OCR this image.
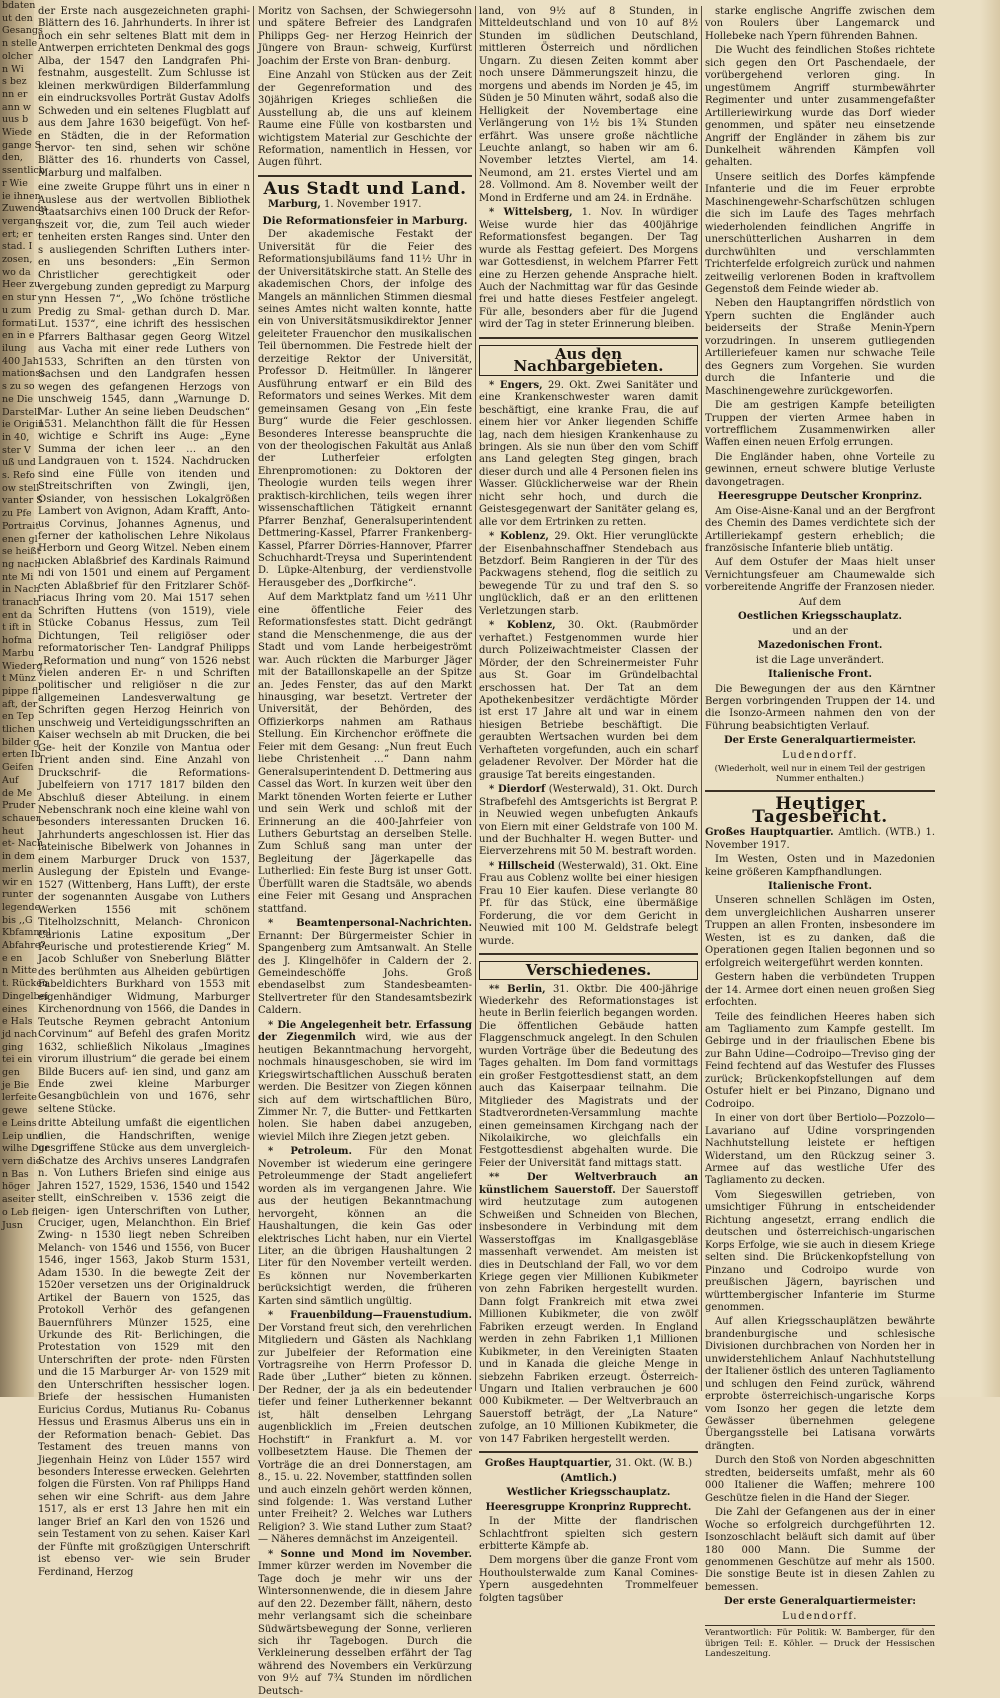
bdaten
ut den
Gesangs
n stelle
olcher
n Wi
s bez
nn er
ann w
uus b
Wiede
gange S
den,
ssentlich
r Wie
ie ihnen
Zuwendu
vergang
ert; er
stad. I
zosen,
wo da
Heer zu
en stur
u zum
formati
en in e
ilung
400 Jah
mationss
s zu so
ne Die
Darstell
ie Origin
in 40,
ster V
uß und
s. Refo
ow stell
vanter S
zu Pfe
Portrait
enen gl
se heißt
ng nach
nte Mi
in Nach
tranach
ent da
t ift in
hofma
Marbu
Wiederg
t Münz
pippe fl
aft, der
en Tep
tlichen
bilder g
erten Ib
Geifen
Auf
de Me
Pruder
schauer
heut
et- Nach
in dem
merlin
wir en
runter
legende
bis ,,G
Kbfammel
Abfahre?
e en
n Mitte
t. Rücken
Dingelbei
eines
e Hals
jd nach
ging
tei ein
gen
je Bie
lerfeite
gewe
e Leins
Leip und
wilhe Dur
vern die
n Bas
höger
aseiter
o Leb fl
Jusn

der Erste nach ausgezeichneten graphi- Blättern des 16. Jahrhunderts. In ihrer ist noch ein sehr seltenes Blatt mit dem in Antwerpen errichteten Denkmal des gogs Alba, der 1547 den Landgrafen Phi- festnahm, ausgestellt. Zum Schlusse ist kleinen merkwürdigen Bilderfammlung ein eindrucksvolles Porträt Gustav Adolfs Schweden und ein seltenes Flugblatt auf aus dem Jahre 1630 beigefügt. Von hef- en Städten, die in der Reformation hervor- ten sind, sehen wir schöne Blätter des 16. rhunderts von Cassel, Marburg und malfalben.

eine zweite Gruppe führt uns in einer n Auslese aus der wertvollen Bibliothek Staatsarchivs einen 100 Druck der Refor- nszeit vor, die, zum Teil auch wieder tenheiten ersten Ranges sind. Unter den s ausliegenden Schriften Luthers inter- en uns besonders: „Ein Sermon Christlicher gerechtigkeit oder vergebung zunden gepredigt zu Marpurg ynn Hessen 7“, „Wo ſchöne tröstliche Predig zu Smal- gethan durch D. Mar. Lut. 1537“, eine ichrift des hessischen Pfarrers Balthasar gegen Georg Witzel aus Vacha mit einer rede Luthers von 1533, Schriften an den türsten von Sachsen und den Landgrafen hessen wegen des gefangenen Herzogs von unschweig 1545, dann „Warnunge D. Mar- Luther An seine lieben Deudschen“ 1531. Melanchthon fällt die für Hessen wichtige e Schrift ins Auge: „Eyne Summa der ichen leer … an den Landgrauen von t. 1524. Nachdrucken sind eine Fülle von itenden und Streitschriften von Zwingli, ijen, Osiander, von hessischen Lokalgrößen Lambert von Avignon, Adam Krafft, Anto- us Corvinus, Johannes Agnenus, und ferner der katholischen Lehre Nikolaus Herborn und Georg Witzel. Neben einem ucken Ablaßbrief des Kardinals Raimund ndi von 1501 und einem auf Pergament cten Ablaßbrief für den Fritzlarer Schöf- riacus Ihring vom 20. Mai 1517 sehen Schriften Huttens (von 1519), viele Stücke Cobanus Hessus, zum Teil Dichtungen, Teil religiöser oder reformatorischer Ten- Landgraf Philipps „Reformation und nung“ von 1526 nebst vielen anderen Er- n und Schriften politischer und religiöser n die zur allgemeinen Landesverwaltung ge Schriften gegen Herzog Heinrich von unschweig und Verteidigungsschriften an Kaiser wechseln ab mit Drucken, die bei Ge- heit der Konzile von Mantua oder Trient anden sind. Eine Anzahl von Druckschrif- die Reformations-Jubelfeiern von 1717 1817 bilden den Abschluß dieser Abteilung. in einem Nebenschrank noch eine kleine wahl von besonders interessanten Drucken 16. Jahrhunderts angeschlossen ist. Hier das lateinische Bibelwerk von Johannes in einem Marburger Druck von 1537, Auslegung der Episteln und Evange- 1527 (Wittenberg, Hans Lufft), der erste der sogenannten Ausgabe von Luthers Werken 1556 mit schönem Titelholzschnitt, Melanch- Chronicon Carionis Latine expositum „Der Peurische und protestierende Krieg“ M. Jacob Schlußer von Sneberlung Blätter des berühmten aus Alheiden gebürtigen Fabeldichters Burkhard von 1553 mit eigenhändiger Widmung, Marburger Kirchenordnung von 1566, die Dandes in Teutsche Reymen gebracht Antonium Corvinum“ auf Befehl des grafen Moritz 1632, schließlich Nikolaus „Imagines virorum illustrium“ die gerade bei einem Bilde Bucers auf- ien sind, und ganz am Ende zwei kleine Marburger Gesangbüchlein von und 1676, sehr seltene Stücke.

dritte Abteilung umfaßt die eigentlichen alien, die Handschriften, wenige gesgriffene Stücke aus dem unvergleich- Schatze des Archivs unseres Landgrafen n. Von Luthers Briefen sind einige aus Jahren 1527, 1529, 1536, 1540 und 1542 stellt, einSchreiben v. 1536 zeigt die eigen- igen Unterschriften von Luther, Cruciger, ugen, Melanchthon. Ein Brief Zwing- n 1530 liegt neben Schreiben Melanch- von 1546 und 1556, von Bucer 1546, inger 1563, Jakob Sturm 1531, Adam 1530. In die bewegte Zeit der 1520er versetzen uns der Originaldruck Artikel der Bauern von 1525, das Protokoll Verhör des gefangenen Bauernführers Münzer 1525, eine Urkunde des Rit- Berlichingen, die Protestation von 1529 mit den Unterschriften der prote- nden Fürsten und die 15 Marburger Ar- von 1529 mit den Unterschriften hessischer logen. Briefe der hessischen Humanisten Euricius Cordus, Mutianus Ru- Cobanus Hessus und Erasmus Alberus uns ein in der Reformation benach- Gebiet. Das Testament des treuen manns von Jiegenhain Heinz von Lüder 1557 wird besonders Interesse erwecken. Gelehrten folgen die Fürsten. Von raf Philipps Hand sehen wir eine Schrift- aus dem Jahre 1517, als er erst 13 Jahre hen mit ein langer Brief an Karl den von 1526 und sein Testament von zu sehen. Kaiser Karl der Fünfte mit großzügigen Unterschrift ist ebenso ver- wie sein Bruder Ferdinand, Herzog

Moritz von Sachsen, der Schwiegersohn und spätere Befreier des Landgrafen Philipps Geg- ner Herzog Heinrich der Jüngere von Braun- schweig, Kurfürst Joachim der Erste von Bran- denburg.

Eine Anzahl von Stücken aus der Zeit der Gegenreformation und des 30jährigen Krieges schließen die Ausstellung ab, die uns auf kleinem Raume eine Fülle von kostbarsten und wichtigstem Material zur Geschichte der Reformation, namentlich in Hessen, vor Augen führt.

Aus Stadt und Land.

Marburg, 1. November 1917.

Die Reformationsfeier in Marburg.

Der akademische Festakt der Universität für die Feier des Reformationsjubiläums fand 11½ Uhr in der Universitätskirche statt. An Stelle des akademischen Chors, der infolge des Mangels an männlichen Stimmen diesmal seines Amtes nicht walten konnte, hatte ein von Universitätsmusikdirektor Jenner geleiteter Frauenchor den musikalischen Teil übernommen. Die Festrede hielt der derzeitige Rektor der Universität, Professor D. Heitmüller. In längerer Ausführung entwarf er ein Bild des Reformators und seines Werkes. Mit dem gemeinsamen Gesang von „Ein feste Burg“ wurde die Feier geschlossen. Besonderes Interesse beanspruchte die von der theologischen Fakultät aus Anlaß der Lutherfeier erfolgten Ehrenpromotionen: zu Doktoren der Theologie wurden teils wegen ihrer praktisch-kirchlichen, teils wegen ihrer wissenschaftlichen Tätigkeit ernannt Pfarrer Benzhaf, Generalsuperintendent Dettmering-Kassel, Pfarrer Frankenberg-Kassel, Pfarrer Dörries-Hannover, Pfarrer Schuchhardt-Treysa und Superintendent D. Lüpke-Altenburg, der verdienstvolle Herausgeber des „Dorfkirche“.

Auf dem Marktplatz fand um ½11 Uhr eine öffentliche Feier des Reformationsfestes statt. Dicht gedrängt stand die Menschenmenge, die aus der Stadt und vom Lande herbeigeströmt war. Auch rückten die Marburger Jäger mit der Bataillonskapelle an der Spitze an. Jedes Fenster, das auf den Markt hinausging, war besetzt. Vertreter der Universität, der Behörden, des Offizierkorps nahmen am Rathaus Stellung. Ein Kirchenchor eröffnete die Feier mit dem Gesang: „Nun freut Euch liebe Christenheit …“ Dann nahm Generalsuperintendent D. Dettmering aus Cassel das Wort. In kurzen weit über den Markt tönenden Worten feierte er Luther und sein Werk und schloß mit der Erinnerung an die 400-Jahrfeier von Luthers Geburtstag an derselben Stelle. Zum Schluß sang man unter der Begleitung der Jägerkapelle das Lutherlied: Ein feste Burg ist unser Gott. Überfüllt waren die Stadtsäle, wo abends eine Feier mit Gesang und Ansprachen stattfand.

* Beamtenpersonal-Nachrichten. Ernannt: Der Bürgermeister Schier in Spangenberg zum Amtsanwalt. An Stelle des J. Klingelhöfer in Caldern der 2. Gemeindeschöffe Johs. Groß ebendaselbst zum Standesbeamten-Stellvertreter für den Standesamtsbezirk Caldern.

* Die Angelegenheit betr. Erfassung der Ziegenmilch wird, wie aus der heutigen Bekanntmachung hervorgeht, nochmals hinausgeschoben, sie wird im Kriegswirtschaftlichen Ausschuß beraten werden. Die Besitzer von Ziegen können sich auf dem wirtschaftlichen Büro, Zimmer Nr. 7, die Butter- und Fettkarten holen. Sie haben dabei anzugeben, wieviel Milch ihre Ziegen jetzt geben.

* Petroleum. Für den Monat November ist wiederum eine geringere Petroleummenge der Stadt angeliefert worden als im vergangenen Jahre. Wie aus der heutigen Bekanntmachung hervorgeht, können an die Haushaltungen, die kein Gas oder elektrisches Licht haben, nur ein Viertel Liter, an die übrigen Haushaltungen 2 Liter für den November verteilt werden. Es können nur Novemberkarten berücksichtigt werden, die früheren Karten sind sämtlich ungültig.

* Frauenbildung—Frauenstudium. Der Vorstand freut sich, den verehrlichen Mitgliedern und Gästen als Nachklang zur Jubelfeier der Reformation eine Vortragsreihe von Herrn Professor D. Rade über „Luther“ bieten zu können. Der Redner, der ja als ein bedeutender tiefer und feiner Lutherkenner bekannt ist, hält denselben Lehrgang augenblicklich im „Freien deutschen Hochstift“ in Frankfurt a. M. vor vollbesetztem Hause. Die Themen der Vorträge die an drei Donnerstagen, am 8., 15. u. 22. November, stattfinden sollen und auch einzeln gehört werden können, sind folgende: 1. Was verstand Luther unter Freiheit? 2. Welches war Luthers Religion? 3. Wie stand Luther zum Staat? — Näheres demnächst im Anzeigenteil.

* Sonne und Mond im November. Immer kürzer werden im November die Tage doch je mehr wir uns der Wintersonnenwende, die in diesem Jahre auf den 22. Dezember fällt, nähern, desto mehr verlangsamt sich die scheinbare Südwärtsbewegung der Sonne, verlieren sich ihr Tagebogen. Durch die Verkleinerung desselben erfährt der Tag während des Novembers ein Verkürzung von 9½ auf 7¾ Stunden im nördlichen Deutsch-

land, von 9½ auf 8 Stunden, in Mitteldeutschland und von 10 auf 8½ Stunden im südlichen Deutschland, mittleren Österreich und nördlichen Ungarn. Zu diesen Zeiten kommt aber noch unsere Dämmerungszeit hinzu, die morgens und abends im Norden je 45, im Süden je 50 Minuten währt, sodaß also die Helligkeit der Novembertage eine Verlängerung von 1½ bis 1¾ Stunden erfährt. Was unsere große nächtliche Leuchte anlangt, so haben wir am 6. November letztes Viertel, am 14. Neumond, am 21. erstes Viertel und am 28. Vollmond. Am 8. November weilt der Mond in Erdferne und am 24. in Erdnähe.

* Wittelsberg, 1. Nov. In würdiger Weise wurde hier das 400jährige Reformationsfest begangen. Der Tag wurde als Festtag gefeiert. Des Morgens war Gottesdienst, in welchem Pfarrer Fett eine zu Herzen gehende Ansprache hielt. Auch der Nachmittag war für das Gesinde frei und hatte dieses Festfeier angelegt. Für alle, besonders aber für die Jugend wird der Tag in steter Erinnerung bleiben.

Aus den Nachbargebieten.

* Engers, 29. Okt. Zwei Sanitäter und eine Krankenschwester waren damit beschäftigt, eine kranke Frau, die auf einem hier vor Anker liegenden Schiffe lag, nach dem hiesigen Krankenhause zu bringen. Als sie nun über den vom Schiff ans Land gelegten Steg gingen, brach dieser durch und alle 4 Personen fielen ins Wasser. Glücklicherweise war der Rhein nicht sehr hoch, und durch die Geistesgegenwart der Sanitäter gelang es, alle vor dem Ertrinken zu retten.

* Koblenz, 29. Okt. Hier verunglückte der Eisenbahnschaffner Stendebach aus Betzdorf. Beim Rangieren in der Tür des Packwagens stehend, flog die seitlich zu bewegende Tür zu und traf den S. so unglücklich, daß er an den erlittenen Verletzungen starb.

* Koblenz, 30. Okt. (Raubmörder verhaftet.) Festgenommen wurde hier durch Polizeiwachtmeister Classen der Mörder, der den Schreinermeister Fuhr aus St. Goar im Gründelbachtal erschossen hat. Der Tat an dem Apothekenbesitzer verdächtigte Mörder ist erst 17 Jahre alt und war in einem hiesigen Betriebe beschäftigt. Die geraubten Wertsachen wurden bei dem Verhafteten vorgefunden, auch ein scharf geladener Revolver. Der Mörder hat die grausige Tat bereits eingestanden.

* Dierdorf (Westerwald), 31. Okt. Durch Strafbefehl des Amtsgerichts ist Bergrat P. in Neuwied wegen unbefugten Ankaufs von Eiern mit einer Geldstrafe von 100 M. und der Buchhalter H. wegen Butter- und Eierverzehrens mit 50 M. bestraft worden.

* Hillscheid (Westerwald), 31. Okt. Eine Frau aus Coblenz wollte bei einer hiesigen Frau 10 Eier kaufen. Diese verlangte 80 Pf. für das Stück, eine übermäßige Forderung, die vor dem Gericht in Neuwied mit 100 M. Geldstrafe belegt wurde.

Verschiedenes.

** Berlin, 31. Oktbr. Die 400-jährige Wiederkehr des Reformationstages ist heute in Berlin feierlich begangen worden. Die öffentlichen Gebäude hatten Flaggenschmuck angelegt. In den Schulen wurden Vorträge über die Bedeutung des Tages gehalten. Im Dom fand vormittags ein großer Festgottesdienst statt, an dem auch das Kaiserpaar teilnahm. Die Mitglieder des Magistrats und der Stadtverordneten-Versammlung machte einen gemeinsamen Kirchgang nach der Nikolaikirche, wo gleichfalls ein Festgottesdienst abgehalten wurde. Die Feier der Universität fand mittags statt.

** Der Weltverbrauch an künstlichem Sauerstoff. Der Sauerstoff wird heutzutage zum autogenen Schweißen und Schneiden von Blechen, insbesondere in Verbindung mit dem Wasserstoffgas im Knallgasgebläse massenhaft verwendet. Am meisten ist dies in Deutschland der Fall, wo vor dem Kriege gegen vier Millionen Kubikmeter von zehn Fabriken hergestellt wurden. Dann folgt Frankreich mit etwa zwei Millionen Kubikmeter, die von zwölf Fabriken erzeugt werden. In England werden in zehn Fabriken 1,1 Millionen Kubikmeter, in den Vereinigten Staaten und in Kanada die gleiche Menge in siebzehn Fabriken erzeugt. Österreich-Ungarn und Italien verbrauchen je 600 000 Kubikmeter. — Der Weltverbrauch an Sauerstoff beträgt, der „La Nature“ zufolge, an 10 Millionen Kubikmeter, die von 147 Fabriken hergestellt werden.

Großes Hauptquartier, 31. Okt. (W. B.)

(Amtlich.)
Westlicher Kriegsschauplatz.
Heeresgruppe Kronprinz Rupprecht.

In der Mitte der flandrischen Schlachtfront spielten sich gestern erbitterte Kämpfe ab.

Dem morgens über die ganze Front vom Houthoulsterwalde zum Kanal Comines-Ypern ausgedehnten Trommelfeuer folgten tagsüber

starke englische Angriffe zwischen dem von Roulers über Langemarck und Hollebeke nach Ypern führenden Bahnen.

Die Wucht des feindlichen Stoßes richtete sich gegen den Ort Paschendaele, der vorübergehend verloren ging. In ungestümem Angriff sturmbewährter Regimenter und unter zusammengefaßter Artilleriewirkung wurde das Dorf wieder genommen, und später neu einsetzende Angriff der Engländer in zähem bis zur Dunkelheit währenden Kämpfen voll gehalten.

Unsere seitlich des Dorfes kämpfende Infanterie und die im Feuer erprobte Maschinengewehr-Scharfschützen schlugen die sich im Laufe des Tages mehrfach wiederholenden feindlichen Angriffe in unerschütterlichen Ausharren in dem durchwühlten und verschlammten Trichterfelde erfolgreich zurück und nahmen zeitweilig verlorenen Boden in kraftvollem Gegenstoß dem Feinde wieder ab.

Neben den Hauptangriffen nördstlich von Ypern suchten die Engländer auch beiderseits der Straße Menin-Ypern vorzudringen. In unserem gutliegenden Artilleriefeuer kamen nur schwache Teile des Gegners zum Vorgehen. Sie wurden durch die Infanterie und die Maschinengewehre zurückgeworfen.

Die am gestrigen Kampfe beteiligten Truppen der vierten Armee haben in vortrefflichem Zusammenwirken aller Waffen einen neuen Erfolg errungen.

Die Engländer haben, ohne Vorteile zu gewinnen, erneut schwere blutige Verluste davongetragen.

Heeresgruppe Deutscher Kronprinz.

Am Oise-Aisne-Kanal und an der Bergfront des Chemin des Dames verdichtete sich der Artilleriekampf gestern erheblich; die französische Infanterie blieb untätig.

Auf dem Ostufer der Maas hielt unser Vernichtungsfeuer am Chaumewalde sich vorbereitende Angriffe der Franzosen nieder.

Auf dem
Oestlichen Kriegsschauplatz.
und an der
Mazedonischen Front.
ist die Lage unverändert.
Italienische Front.

Die Bewegungen der aus den Kärntner Bergen vorbringenden Truppen der 14. und die Isonzo-Armeen nahmen den von der Führung beabsichtigten Verlauf.

Der Erste Generalquartiermeister.
Ludendorff.
(Wiederholt, weil nur in einem Teil der gestrigen Nummer enthalten.)
Heutiger Tagesbericht.

Großes Hauptquartier. Amtlich. (WTB.) 1. November 1917.

Im Westen, Osten und in Mazedonien keine größeren Kampfhandlungen.

Italienische Front.

Unseren schnellen Schlägen im Osten, dem unvergleichlichen Ausharren unserer Truppen an allen Fronten, insbesondere im Westen, ist es zu danken, daß die Operationen gegen Italien begonnen und so erfolgreich weitergeführt werden konnten.

Gestern haben die verbündeten Truppen der 14. Armee dort einen neuen großen Sieg erfochten.

Teile des feindlichen Heeres haben sich am Tagliamento zum Kampfe gestellt. Im Gebirge und in der friaulischen Ebene bis zur Bahn Udine—Codroipo—Treviso ging der Feind fechtend auf das Westufer des Flusses zurück; Brückenkopfstellungen auf dem Ostufer hielt er bei Pinzano, Dignano und Codroipo.

In einer von dort über Bertiolo—Pozzolo—Lavariano auf Udine vorspringenden Nachhutstellung leistete er heftigen Widerstand, um den Rückzug seiner 3. Armee auf das westliche Ufer des Tagliamento zu decken.

Vom Siegeswillen getrieben, von umsichtiger Führung in entscheidender Richtung angesetzt, errang endlich die deutschen und österreichisch-ungarischen Korps Erfolge, wie sie auch in diesem Kriege selten sind. Die Brückenkopfstellung von Pinzano und Codroipo wurde von preußischen Jägern, bayrischen und württembergischer Infanterie im Sturme genommen.

Auf allen Kriegsschauplätzen bewährte brandenburgische und schlesische Divisionen durchbrachen von Norden her in unwiderstehlichem Anlauf Nachhutstellung der Italiener östlich des unteren Tagliamento und schlugen den Feind zurück, während erprobte österreichisch-ungarische Korps vom Isonzo her gegen die letzte dem Gewässer übernehmen gelegene Übergangsstelle bei Latisana vorwärts drängten.

Durch den Stoß von Norden abgeschnitten stredten, beiderseits umfaßt, mehr als 60 000 Italiener die Waffen; mehrere 100 Geschütze fielen in die Hand der Sieger.

Die Zahl der Gefangenen aus der in einer Woche so erfolgreich durchgeführten 12. Isonzoschlacht beläuft sich damit auf über 180 000 Mann. Die Summe der genommenen Geschütze auf mehr als 1500. Die sonstige Beute ist in diesen Zahlen zu bemessen.

Der erste Generalquartiermeister:
Ludendorff.
Verantwortlich: Für Politik: W. Bamberger, für den übrigen Teil: E. Köhler. — Druck der Hessischen Landeszeitung.
